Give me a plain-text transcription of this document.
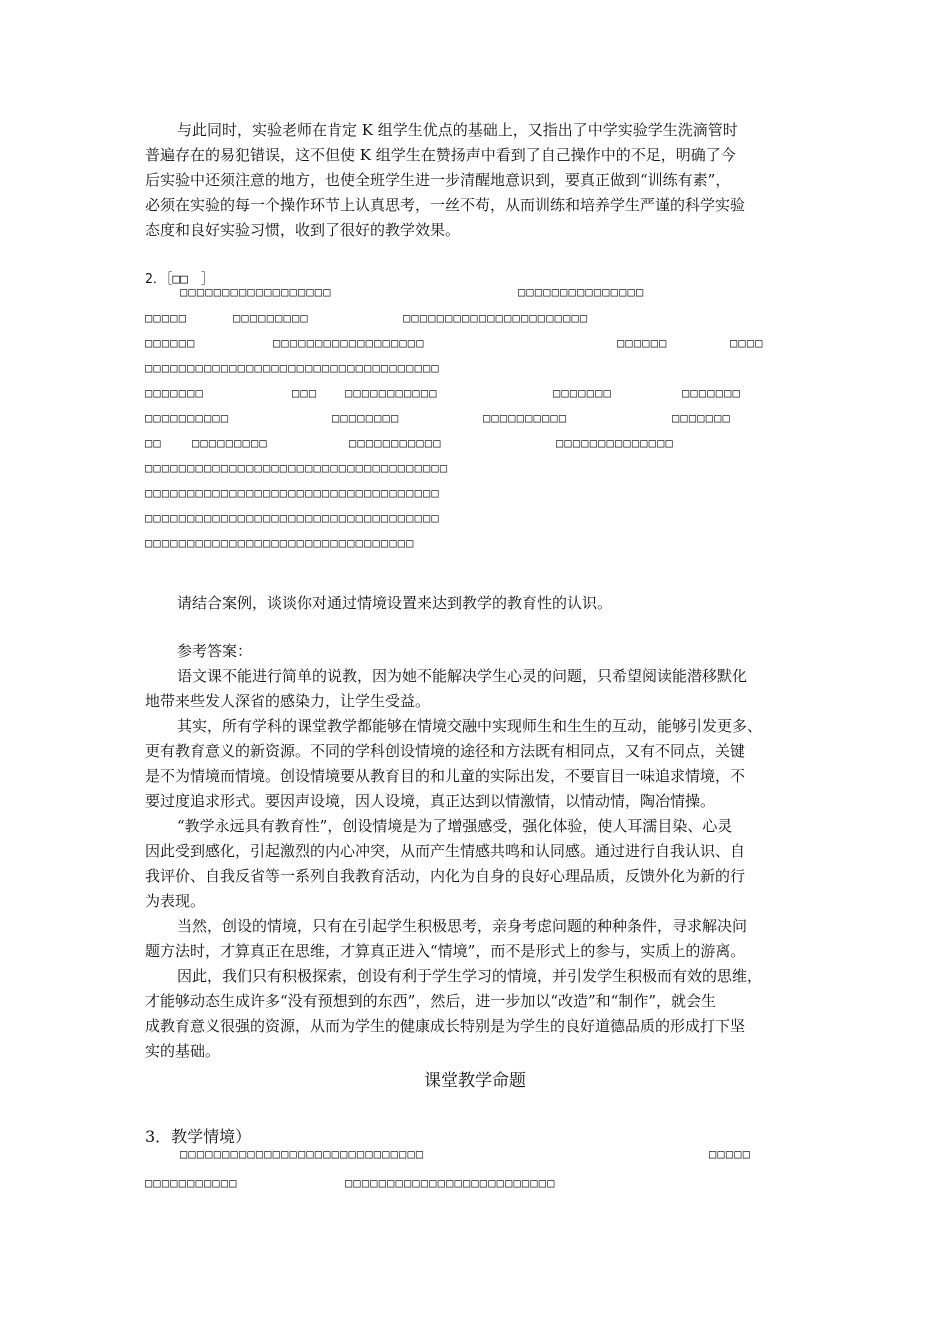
与此同时，实验老师在肯定 K 组学生优点的基础上，又指出了中学实验学生洗滴管时
普遍存在的易犯错误，这不但使 K 组学生在赞扬声中看到了自己操作中的不足，明确了今
后实验中还须注意的地方，也使全班学生进一步清醒地意识到，要真正做到“训练有素”，
必须在实验的每一个操作环节上认真思考，一丝不苟，从而训练和培养学生严谨的科学实验
态度和良好实验习惯，收到了很好的教学效果。
2．［□□　］
□□□□□□□□□□□□□□□□□□	□□□□□□□□□□□□□□□
□□□□□	□□□□□□□□□	□□□□□□□□□□□□□□□□□□□□□□
□□□□□□	□□□□□□□□□□□□□□□□□□	□□□□□□	□□□□
□□□□□□□□□□□□□□□□□□□□□□□□□□□□□□□□□□□
□□□□□□□	□□□ □□□□□□□□□□□	□□□□□□□	□□□□□□□
□□□□□□□□□□	□□□□□□□□	□□□□□□□□□□	□□□□□□□
□□	□□□□□□□□□	□□□□□□□□□□□	□□□□□□□□□□□□□□
□□□□□□□□□□□□□□□□□□□□□□□□□□□□□□□□□□□□
□□□□□□□□□□□□□□□□□□□□□□□□□□□□□□□□□□□
□□□□□□□□□□□□□□□□□□□□□□□□□□□□□□□□□□□
□□□□□□□□□□□□□□□□□□□□□□□□□□□□□□□□
请结合案例，谈谈你对通过情境设置来达到教学的教育性的认识。
参考答案：
语文课不能进行简单的说教，因为她不能解决学生心灵的问题，只希望阅读能潜移默化
地带来些发人深省的感染力，让学生受益。
其实，所有学科的课堂教学都能够在情境交融中实现师生和生生的互动，能够引发更多、
更有教育意义的新资源。不同的学科创设情境的途径和方法既有相同点，又有不同点，关键
是不为情境而情境。创设情境要从教育目的和儿童的实际出发，不要盲目一味追求情境，不
要过度追求形式。要因声设境，因人设境，真正达到以情激情，以情动情，陶冶情操。
“教学永远具有教育性”，创设情境是为了增强感受，强化体验，使人耳濡目染、心灵
因此受到感化，引起激烈的内心冲突，从而产生情感共鸣和认同感。通过进行自我认识、自
我评价、自我反省等一系列自我教育活动，内化为自身的良好心理品质，反馈外化为新的行
为表现。
当然，创设的情境，只有在引起学生积极思考，亲身考虑问题的种种条件，寻求解决问
题方法时，才算真正在思维，才算真正进入“情境”，而不是形式上的参与，实质上的游离。
因此，我们只有积极探索，创设有利于学生学习的情境，并引发学生积极而有效的思维，
才能够动态生成许多“没有预想到的东西”，然后，进一步加以“改造”和“制作”，就会生
成教育意义很强的资源，从而为学生的健康成长特别是为学生的良好道德品质的形成打下坚
实的基础。
课堂教学命题
3．教学情境）
□□□□□□□□□□□□□□□□□□□□□□□□□□□□□	□□□□□
□□□□□□□□□□□	□□□□□□□□□□□□□□□□□□□□□□□□□
